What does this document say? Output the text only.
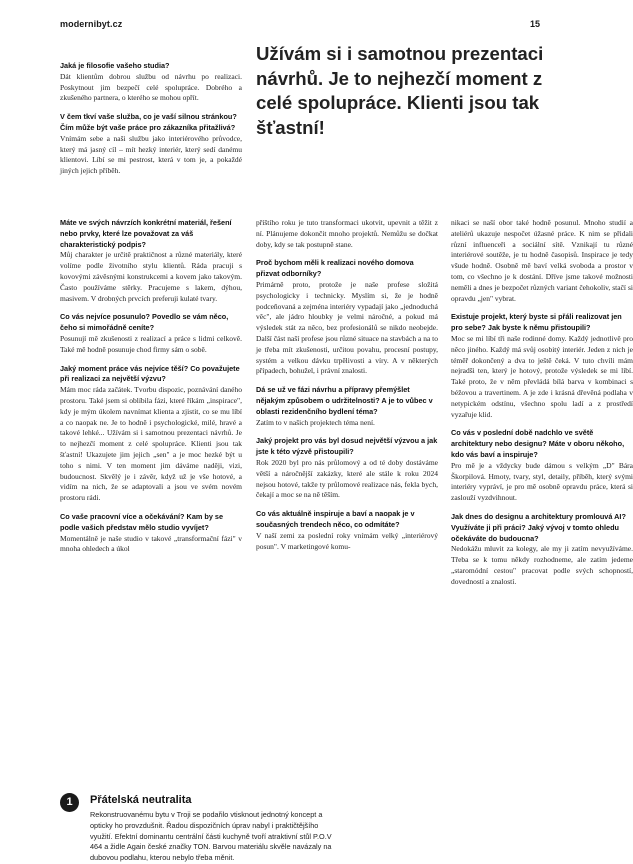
modernibyt.cz	15

Užívám si i samotnou prezentaci návrhů. Je to nejhezčí moment z celé spolupráce. Klienti jsou tak šťastní!

Jaká je filosofie vašeho studia?

Dát klientům dobrou službu od návrhu po realizaci. Poskytnout jim bezpečí celé spolupráce. Dobrého a zkušeného partnera, o kterého se mohou opřít.

V čem tkví vaše služba, co je vaší silnou stránkou? Čím může být vaše práce pro zákazníka přitažlivá?

Vnímám sebe a naši službu jako interiérového průvodce, který má jasný cíl – mít hezký interiér, který sedí danému klientovi. Líbí se mi pestrost, která v tom je, a pokaždé jiných jejich příběh.

Máte ve svých návrzích konkrétní materiál, řešení nebo prvky, které lze považovat za váš charakteristický podpis?

Můj charakter je určitě praktičnost a různé materiály, které volíme podle životního stylu klientů. Ráda pracuji s kovovými závěsnými konstrukcemi a kovem jako takovým. Často používáme stěrky. Pracujeme s lakem, dýhou, masivem. V drobných prvcích preferuji kulaté tvary.

Co vás nejvíce posunulo? Povedlo se vám něco, čeho si mimořádně ceníte?

Posunují mě zkušenosti z realizací a práce s lidmi celkově. Také mě hodně posunuje chod firmy sám o sobě.

Jaký moment práce vás nejvíce těší? Co považujete při realizaci za největší výzvu?

Mám moc ráda začátek. Tvorbu dispozic, poznávání daného prostoru. Také jsem si oblíbila fázi, které říkám „inspirace", kdy je mým úkolem navnímat klienta a zjistit, co se mu líbí a co naopak ne. Je to hodně i psychologické, milé, hravé a takové lehké... Užívám si i samotnou prezentaci návrhů. Je to nejhezčí moment z celé spolupráce. Klienti jsou tak šťastní! Ukazujete jim jejich „sen" a je moc hezké být u toho s nimi. V ten moment jim dáváme naději, vizi, budoucnost. Skvělý je i závěr, když už je vše hotové, a vidím na nich, že se adaptovali a jsou ve svém novém prostoru rádi.

Co vaše pracovní více a očekávání? Kam by se podle vašich představ mělo studio vyvíjet?

Momentálně je naše studio v takové „transformační fázi" v mnoha ohledech a úkol

příštího roku je tuto transformaci ukotvit, upevnit a těžit z ní. Plánujeme dokončit mnoho projektů. Nemůžu se dočkat doby, kdy se tak postupně stane.

Proč bychom měli k realizaci nového domova přizvat odborníky?

Primárně proto, protože je naše profese složitá psychologicky i technicky. Myslím si, že je hodně podceňovaná a zejména interiéry vypadají jako „jednoduchá věc", ale jádro hloubky je velmi náročné, a pokud má výsledek stát za něco, bez profesionálů se nikdo neobejde. Další část naší profese jsou různé situace na stavbách a na to je třeba mít zkušenosti, určitou povahu, procesní postupy, systém a velkou dávku trpělivosti a víry. A v některých případech, bohužel, i právní znalosti.

Dá se už ve fázi návrhu a přípravy přemýšlet nějakým způsobem o udržitelnosti? A je to vůbec v oblasti rezidenčního bydlení téma?

Zatím to v našich projektech téma není.

Jaký projekt pro vás byl dosud největší výzvou a jak jste k této výzvě přistoupili?

Rok 2020 byl pro nás průlomový a od té doby dostáváme větší a náročnější zakázky, které ale stále k roku 2024 nejsou hotové, takže ty průlomové realizace nás, fekla bych, čekají a moc se na ně těším.

Co vás aktuálně inspiruje a baví a naopak je v současných trendech něco, co odmítáte?

V naší zemi za poslední roky vnímám velký „interiérový posun". V marketingové komu-

nikaci se naší obor také hodně posunul. Mnoho studií a ateliérů ukazuje nespočet úžasné práce. K nim se přidali různí influenceři a sociální sítě. Vznikají tu různé interiérové soutěže, je tu hodně časopisů. Inspirace je tedy všude hodně. Osobně mě baví velká svoboda a prostor v tom, co všechno je k dostání. Dříve jsme takové možnosti neměli a dnes je bezpočet různých variant čehokoliv, stačí si opravdu „jen" vybrat.

Existuje projekt, který byste si přáli realizovat jen pro sebe? Jak byste k němu přistoupili?

Moc se mi líbí tři naše rodinné domy. Každý jednotlivě pro něco jiného. Každý má svůj osobitý interiér. Jeden z nich je téměř dokončený a dva to ještě čeká. V tuto chvíli mám nejradši ten, který je hotový, protože výsledek se mi líbí. Také proto, že v něm převládá bílá barva v kombinaci s béžovou a travertinem. A je zde i krásná dřevěná podlaha v netypickém odstínu, všechno spolu ladí a z prostředí vyzařuje klid.

Co vás v poslední době nadchlo ve světě architektury nebo designu? Máte v oboru někoho, kdo vás baví a inspiruje?

Pro mě je a vždycky bude dámou s velkým „D" Bára Škorpilová. Hmoty, tvary, styl, detaily, příběh, který svými interiéry vypráví, je pro mě osobně opravdu práce, která si zaslouží vyzdvihnout.

Jak dnes do designu a architektury promlouvá AI? Využíváte ji při práci? Jaký vývoj v tomto ohledu očekáváte do budoucna?

Nedokážu mluvit za kolegy, ale my ji zatím nevyužíváme. Třeba se k tomu někdy rozhodneme, ale zatím jedeme „staromódní cestou" pracovat podle svých schopností, dovedností a znalostí.

1	Přátelská neutralita

Rekonstruovanému bytu v Troji se podařilo vtisknout jednotný koncept a opticky ho provzdušnit. Řadou dispozičních úprav nabyl i praktičtějšího využití. Efektní dominantu centrální části kuchyně tvoří atraktivní stůl P.O.V 464 a židle Again české značky TON. Barvou materiálu skvěle navázaly na dubovou podlahu, kterou nebylo třeba měnit.
